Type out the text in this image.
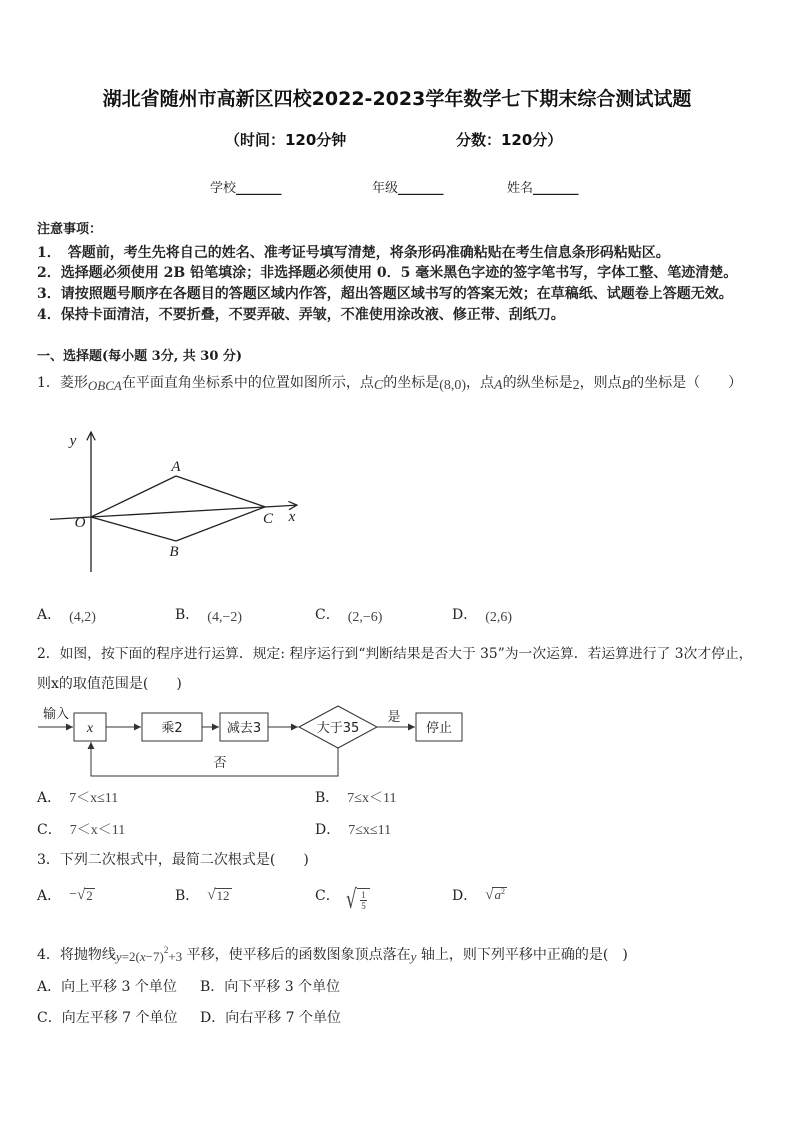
湖北省随州市高新区四校2022-2023学年数学七下期末综合测试试题
（时间：120分钟	分数：120分）
学校 _______	年级 _______	姓名 _______
注意事项：
1．　答题前，考生先将自己的姓名、准考证号填写清楚，将条形码准确粘贴在考生信息条形码粘贴区。
2．选择题必须使用 2B 铅笔填涂；非选择题必须使用 0．5 毫米黑色字迹的签字笔书写，字体工整、笔迹清楚。
3．请按照题号顺序在各题目的答题区域内作答，超出答题区域书写的答案无效；在草稿纸、试题卷上答题无效。
4．保持卡面清洁，不要折叠，不要弄破、弄皱，不准使用涂改液、修正带、刮纸刀。
一、选择题(每小题 3分, 共 30 分)
1．菱形 OBCA 在平面直角坐标系中的位置如图所示，点 C 的坐标是 (8,0) ，点 A 的纵坐标是 2 ，则点 B 的坐标是（　　）
y
A
O	C x
B
A． (4,2)	B． (4,−2)	C． (2,−6)	D． (2,6)
2．如图，按下面的程序进行运算．规定: 程序运行到“判断结果是否大于 35”为一次运算．若运算进行了 3次才停止，
则x的取值范围是(　　)
输入
x	乘2	减去3	大于35
是
停止
否
A． 7＜x≤11	B． 7≤x＜11
C． 7＜x＜11	D． 7≤x≤11
3．下列二次根式中，最简二次根式是(　　)
A． − √ 2	B． √ 12	C． √ $\frac{1}{5}$	D． √ $a^2$
4．将抛物线 y =2( x −7) 2 +3 平移，使平移后的函数图象顶点落在 y 轴上，则下列平移中正确的是(　)
A．向上平移 3 个单位 B．向下平移 3 个单位
C．向左平移 7 个单位 D．向右平移 7 个单位
